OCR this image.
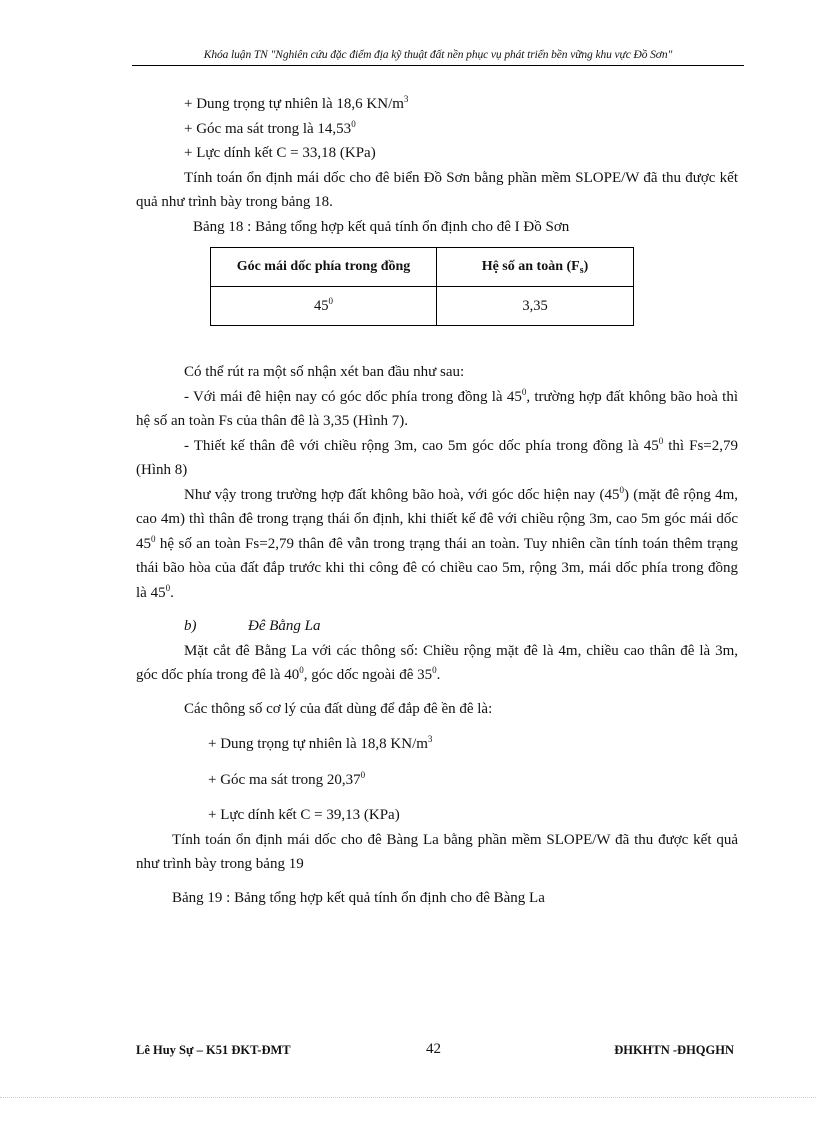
Khóa luận TN "Nghiên cứu đặc điểm địa kỹ thuật đất nền phục vụ phát triển bền vững khu vực Đồ Sơn"
+ Dung trọng tự nhiên là 18,6 $KN/m^3$
+ Góc ma sát trong là $14,53^0$
+ Lực dính kết C = 33,18 (KPa)

Tính toán ổn định mái dốc cho đê biển Đồ Sơn bằng phần mềm SLOPE/W đã thu được kết quả như trình bày trong bảng 18.

Bảng 18 : Bảng tổng hợp kết quả tính ổn định cho đê I Đồ Sơn
Góc mái dốc phía trong đồng	Hệ số an toàn $(F_s)$
$45^0$	3,35
Có thể rút ra một số nhận xét ban đầu như sau:

- Với mái đê hiện nay có góc dốc phía trong đồng là $45^0$, trường hợp đất không bão hoà thì hệ số an toàn Fs của thân đê là 3,35 (Hình 7).

- Thiết kế thân đê với chiều rộng 3m, cao 5m góc dốc phía trong đồng là $45^0$ thì Fs=2,79 (Hình 8)

Như vậy trong trường hợp đất không bão hoà, với góc dốc hiện nay $(45^0)$ (mặt đê rộng 4m, cao 4m) thì thân đê trong trạng thái ổn định, khi thiết kế đê với chiều rộng 3m, cao 5m góc mái dốc $45^0$ hệ số an toàn Fs=2,79 thân đê vẫn trong trạng thái an toàn. Tuy nhiên cần tính toán thêm trạng thái bão hòa của đất đắp trước khi thi công đê có chiều cao 5m, rộng 3m, mái dốc phía trong đồng là $45^0$.

b)	Đê Bằng La

Mặt cắt đê Bằng La với các thông số: Chiều rộng mặt đê là 4m, chiều cao thân đê là 3m, góc dốc phía trong đê là $40^0$, góc dốc ngoài đê $35^0$.

Các thông số cơ lý của đất dùng để đắp đê ền đê là:
+ Dung trọng tự nhiên là 18,8 $KN/m^3$
+ Góc ma sát trong $20,37^0$
+ Lực dính kết C = 39,13 (KPa)

Tính toán ổn định mái dốc cho đê Bàng La bằng phần mềm SLOPE/W đã thu được kết quả như trình bày trong bảng 19

Bảng 19 : Bảng tổng hợp kết quả tính ổn định cho đê Bàng La
Lê Huy Sự – K51 ĐKT-ĐMT	42	ĐHKHTN -ĐHQGHN
